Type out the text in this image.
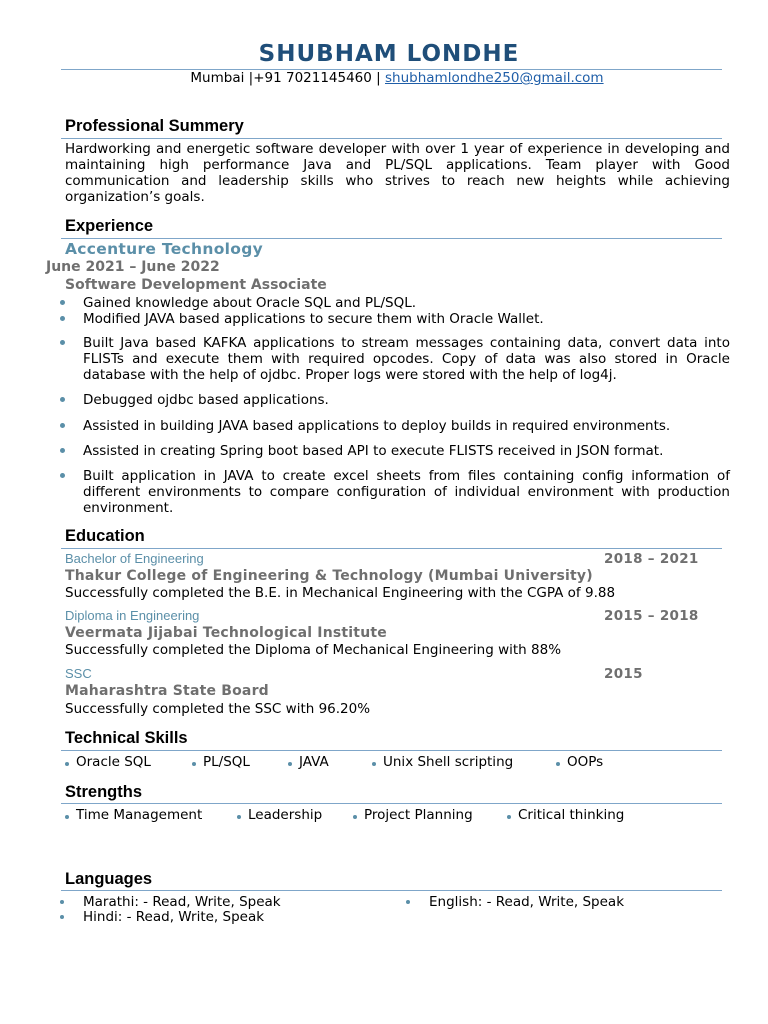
SHUBHAM LONDHE
Mumbai |+91 7021145460 | shubhamlondhe250@gmail.com
Professional Summery
Hardworking and energetic software developer with over 1 year of experience in developing and maintaining high performance Java and PL/SQL applications. Team player with Good communication and leadership skills who strives to reach new heights while achieving organization’s goals.
Experience
Accenture Technology
June 2021 – June 2022
Software Development Associate
Gained knowledge about Oracle SQL and PL/SQL.
Modified JAVA based applications to secure them with Oracle Wallet.
Built Java based KAFKA applications to stream messages containing data, convert data into FLISTs and execute them with required opcodes. Copy of data was also stored in Oracle database with the help of ojdbc. Proper logs were stored with the help of log4j.
Debugged ojdbc based applications.
Assisted in building JAVA based applications to deploy builds in required environments.
Assisted in creating Spring boot based API to execute FLISTS received in JSON format.
Built application in JAVA to create excel sheets from files containing config information of different environments to compare configuration of individual environment with production environment.
Education
Bachelor of Engineering	2018 – 2021
Thakur College of Engineering & Technology (Mumbai University)
Successfully completed the B.E. in Mechanical Engineering with the CGPA of 9.88
Diploma in Engineering	2015 – 2018
Veermata Jijabai Technological Institute
Successfully completed the Diploma of Mechanical Engineering with 88%
SSC	2015
Maharashtra State Board
Successfully completed the SSC with 96.20%
Technical Skills
Oracle SQL	PL/SQL	JAVA	Unix Shell scripting	OOPs
Strengths
Time Management	Leadership	Project Planning	Critical thinking
Languages
Marathi: - Read, Write, Speak	English: - Read, Write, Speak
Hindi: - Read, Write, Speak
